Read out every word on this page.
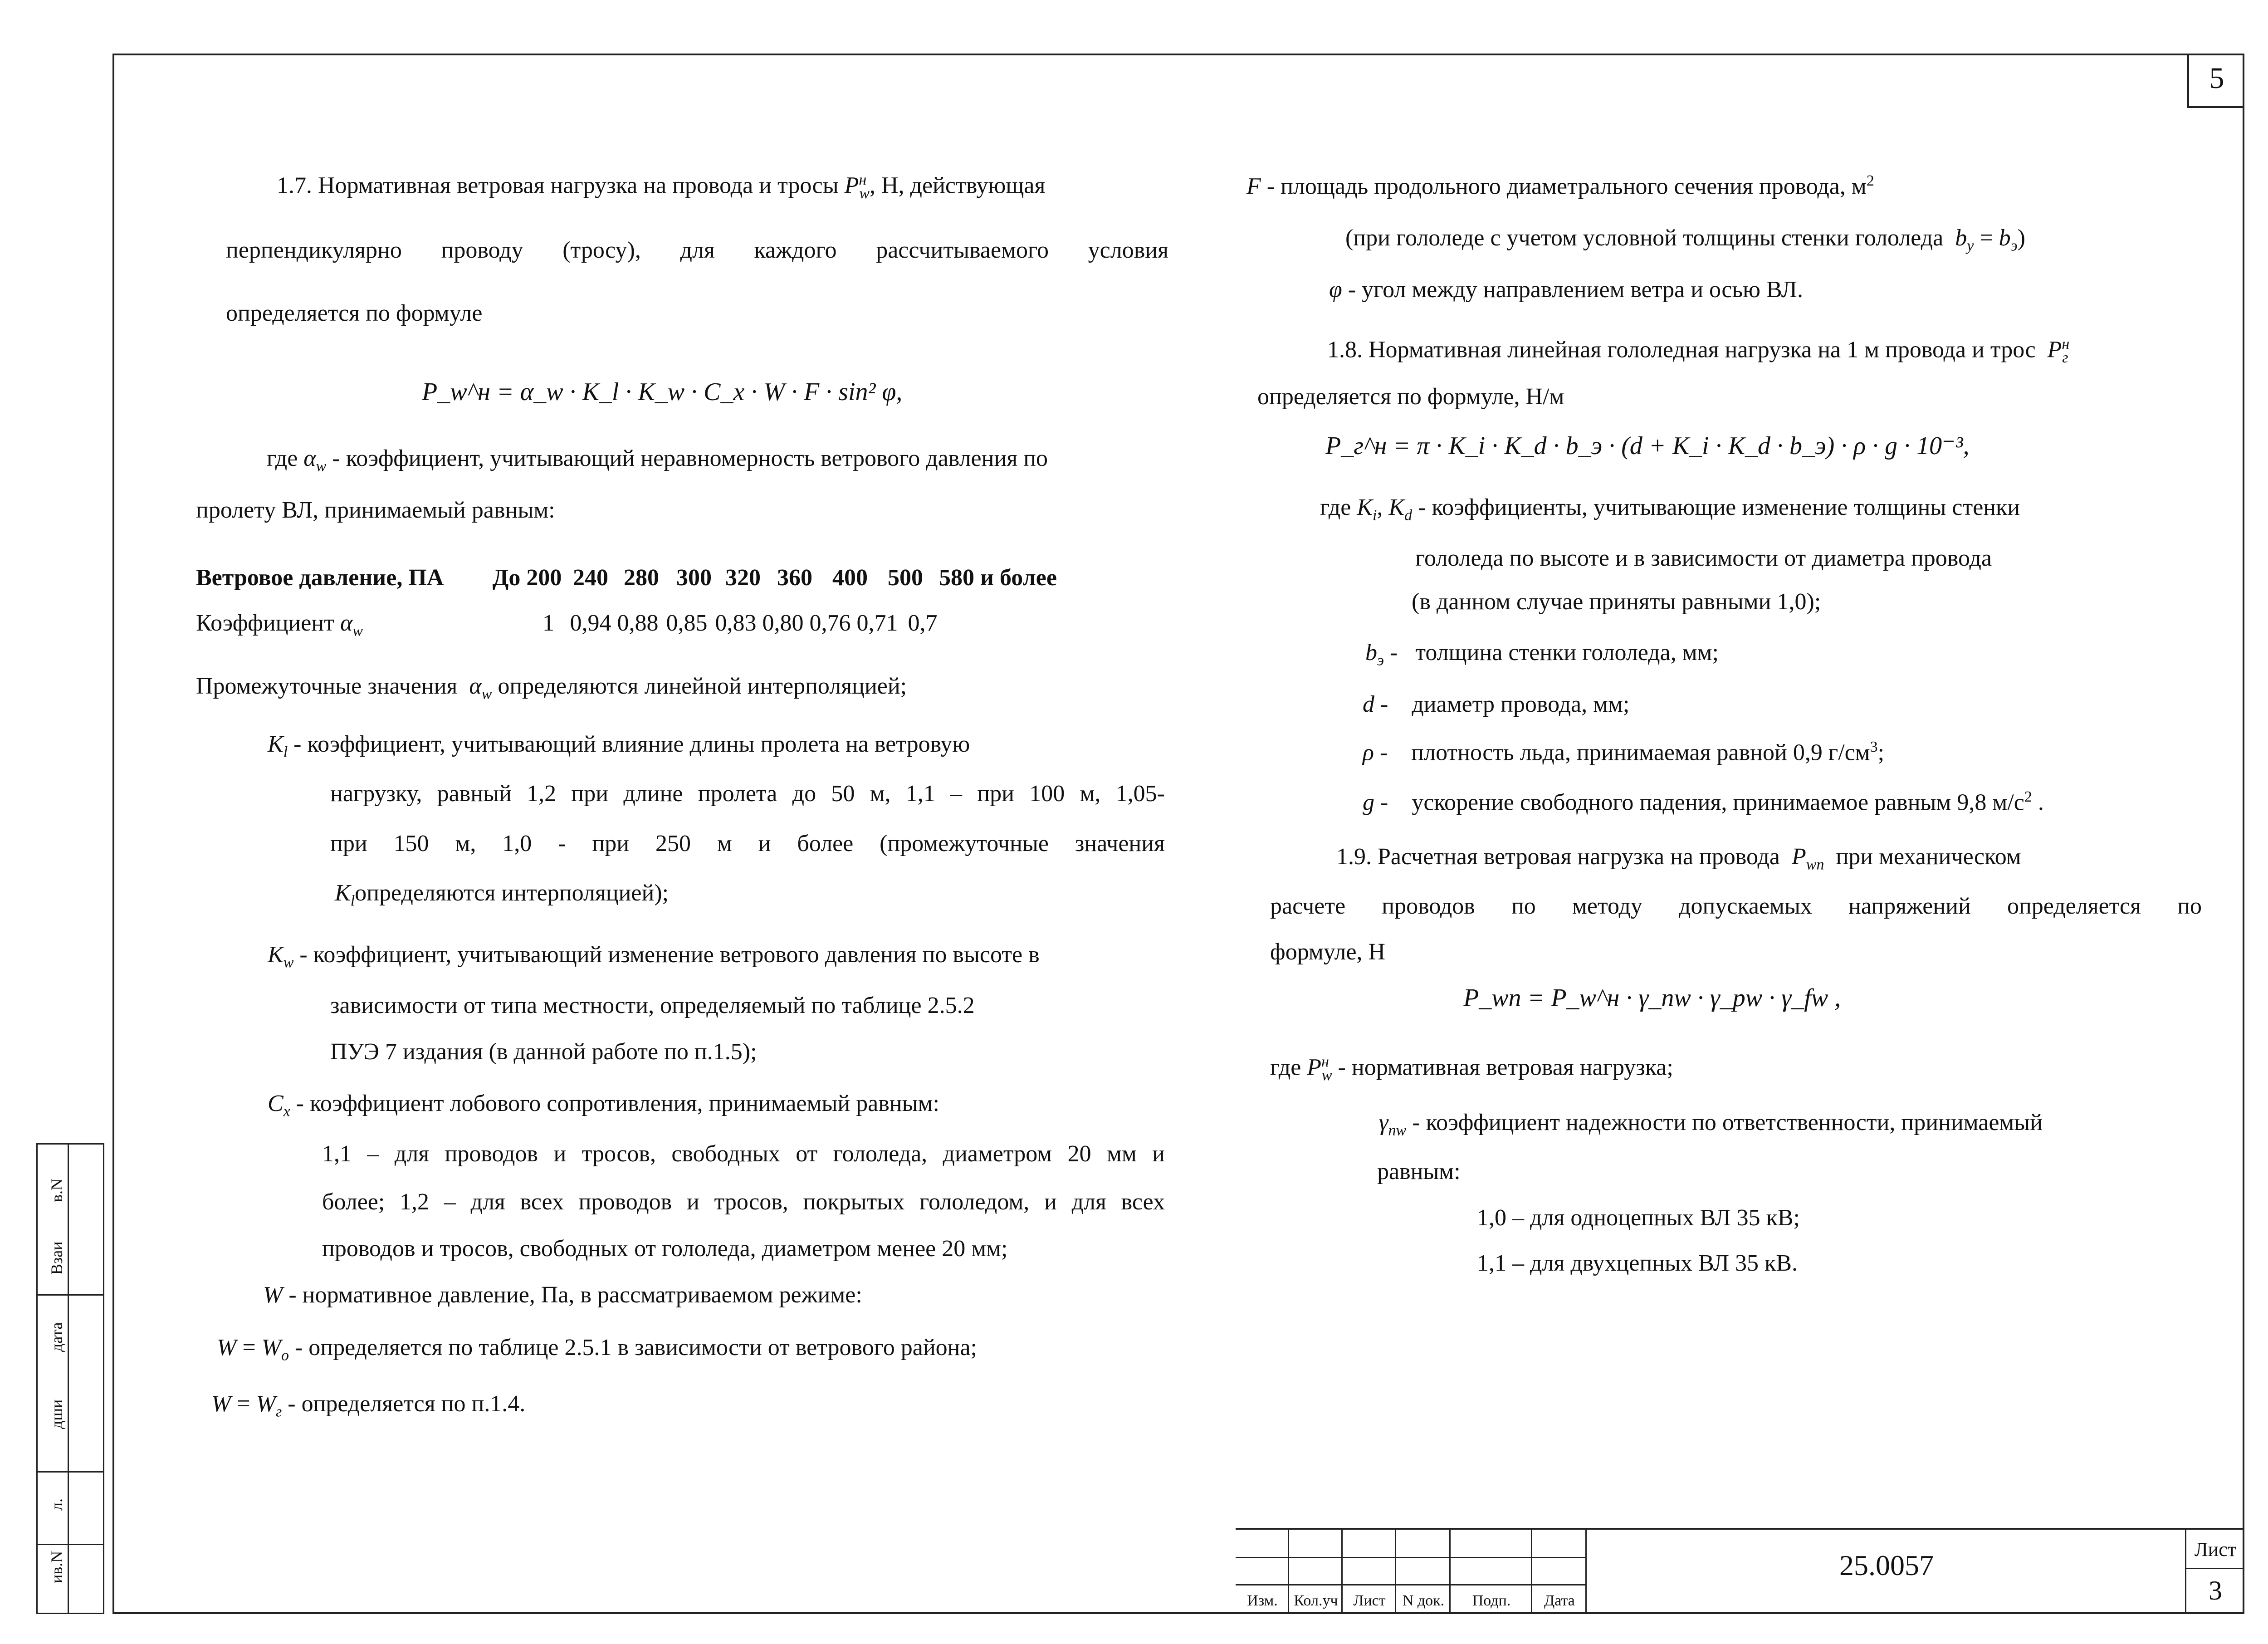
5
1.7. Нормативная ветровая нагрузка на провода и тросы $P^н_w$, Н, действующая
перпендикулярно проводу (тросу), для каждого рассчитываемого условия
определяется по формуле
P_w^н = α_w · K_l · K_w · C_x · W · F · sin² φ,
где $\alpha_w$ - коэффициент, учитывающий неравномерность ветрового давления по
пролету ВЛ, принимаемый равным:
Ветровое давление, ПА До 200 240 280 300 320 360 400 500 580 и более
Коэффициент $\alpha_w$	1 0,94 0,88 0,85 0,83 0,80 0,76 0,71 0,7
Промежуточные значения $\alpha_w$ определяются линейной интерполяцией;
$K_l$ - коэффициент, учитывающий влияние длины пролета на ветровую
нагрузку, равный 1,2 при длине пролета до 50 м, 1,1 – при 100 м, 1,05-
при 150 м, 1,0 - при 250 м и более (промежуточные значения
$K_lопределяются$ интерполяцией);
$K_w$ - коэффициент, учитывающий изменение ветрового давления по высоте в
зависимости от типа местности, определяемый по таблице 2.5.2
ПУЭ 7 издания (в данной работе по п.1.5);
$C_x$ - коэффициент лобового сопротивления, принимаемый равным:
1,1 – для проводов и тросов, свободных от гололеда, диаметром 20 мм и
более; 1,2 – для всех проводов и тросов, покрытых гололедом, и для всех
проводов и тросов, свободных от гололеда, диаметром менее 20 мм;
W - нормативное давление, Па, в рассматриваемом режиме:
$W = W_o$ - определяется по таблице 2.5.1 в зависимости от ветрового района;
$W = W_г$ - определяется по п.1.4.
F - площадь продольного диаметрального сечения провода, $м^2$
(при гололеде с учетом условной толщины стенки гололеда $b_y = b_э$)
φ - угол между направлением ветра и осью ВЛ.
1.8. Нормативная линейная гололедная нагрузка на 1 м провода и трос $P^н_г$
определяется по формуле, Н/м
P_г^н = π · K_i · K_d · b_э · (d + K_i · K_d · b_э) · ρ · g · 10⁻³,
где $K_i$, $K_d$ - коэффициенты, учитывающие изменение толщины стенки
гололеда по высоте и в зависимости от диаметра провода
(в данном случае приняты равными 1,0);
$b_э$ -   толщина стенки гололеда, мм;
d -    диаметр провода, мм;
ρ -    плотность льда, принимаемая равной 0,9 $г/см^3$;
g -    ускорение свободного падения, принимаемое равным 9,8 $м/с^2$ .
1.9. Расчетная ветровая нагрузка на провода $P_{wп}$ при механическом
расчете проводов по методу допускаемых напряжений определяется по
формуле, Н
P_wп = P_w^н · γ_nw · γ_pw · γ_fw ,
где $P^н_w$ - нормативная ветровая нагрузка;
$\gamma_{nw}$ - коэффициент надежности по ответственности, принимаемый
равным:
1,0 – для одноцепных ВЛ 35 кВ;
1,1 – для двухцепных ВЛ 35 кВ.
Изм.	Кол.уч Лист	N док.	Подп.	Дата
25.0057	Лист
3
в.N
Взаи
дата
дши
л.
ив.N
